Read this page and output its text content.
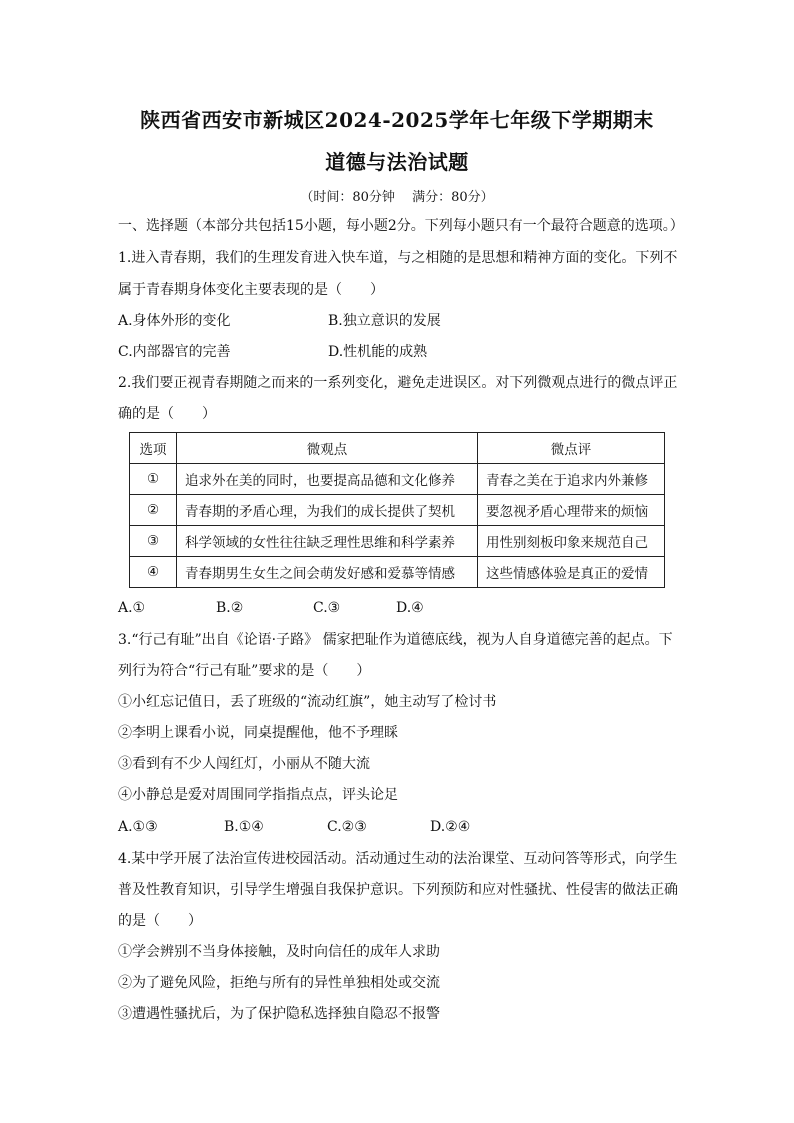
陕西省西安市新城区2024-2025学年七年级下学期期末
道德与法治试题
（时间：80分钟　 满分：80分）
一、选择题（本部分共包括15小题，每小题2分。下列每小题只有一个最符合题意的选项。）
1.进入青春期，我们的生理发育进入快车道，与之相随的是思想和精神方面的变化。下列不
属于青春期身体变化主要表现的是（　　）
A.身体外形的变化	B.独立意识的发展
C.内部器官的完善	D.性机能的成熟
2.我们要正视青春期随之而来的一系列变化，避免走进误区。对下列微观点进行的微点评正
确的是（　　）
选项	微观点	微点评
①	追求外在美的同时，也要提高品德和文化修养	青春之美在于追求内外兼修
②	青春期的矛盾心理，为我们的成长提供了契机	要忽视矛盾心理带来的烦恼
③	科学领域的女性往往缺乏理性思维和科学素养	用性别刻板印象来规范自己
④	青春期男生女生之间会萌发好感和爱慕等情感	这些情感体验是真正的爱情
A.①	B.②	C.③	D.④
3.“行己有耻”出自《论语·子路》 儒家把耻作为道德底线，视为人自身道德完善的起点。下
列行为符合“行己有耻”要求的是（　　）
①小红忘记值日，丢了班级的“流动红旗”，她主动写了检讨书
②李明上课看小说，同桌提醒他，他不予理睬
③看到有不少人闯红灯，小丽从不随大流
④小静总是爱对周围同学指指点点，评头论足
A.①③	B.①④	C.②③	D.②④
4.某中学开展了法治宣传进校园活动。活动通过生动的法治课堂、互动问答等形式，向学生
普及性教育知识，引导学生增强自我保护意识。下列预防和应对性骚扰、性侵害的做法正确
的是（　　）
①学会辨别不当身体接触，及时向信任的成年人求助
②为了避免风险，拒绝与所有的异性单独相处或交流
③遭遇性骚扰后，为了保护隐私选择独自隐忍不报警
